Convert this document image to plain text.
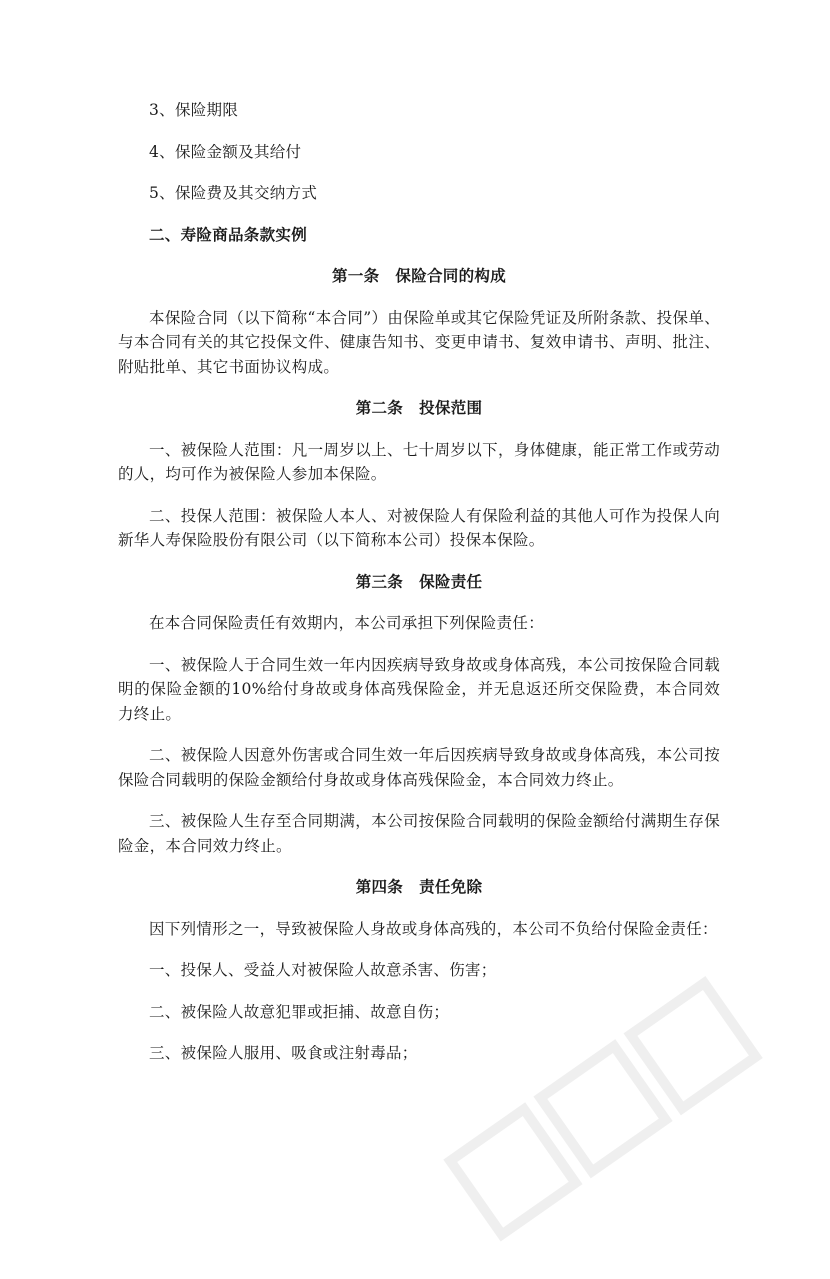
3、保险期限

4、保险金额及其给付

5、保险费及其交纳方式

二、寿险商品条款实例

第一条 保险合同的构成

本保险合同（以下简称“本合同”）由保险单或其它保险凭证及所附条款、投保单、与本合同有关的其它投保文件、健康告知书、变更申请书、复效申请书、声明、批注、附贴批单、其它书面协议构成。

第二条 投保范围

一、被保险人范围：凡一周岁以上、七十周岁以下，身体健康，能正常工作或劳动的人，均可作为被保险人参加本保险。

二、投保人范围：被保险人本人、对被保险人有保险利益的其他人可作为投保人向新华人寿保险股份有限公司（以下简称本公司）投保本保险。

第三条 保险责任

在本合同保险责任有效期内，本公司承担下列保险责任：

一、被保险人于合同生效一年内因疾病导致身故或身体高残，本公司按保险合同载明的保险金额的10%给付身故或身体高残保险金，并无息返还所交保险费，本合同效力终止。

二、被保险人因意外伤害或合同生效一年后因疾病导致身故或身体高残，本公司按保险合同载明的保险金额给付身故或身体高残保险金，本合同效力终止。

三、被保险人生存至合同期满，本公司按保险合同载明的保险金额给付满期生存保险金，本合同效力终止。

第四条 责任免除

因下列情形之一，导致被保险人身故或身体高残的，本公司不负给付保险金责任：

一、投保人、受益人对被保险人故意杀害、伤害；

二、被保险人故意犯罪或拒捕、故意自伤；

三、被保险人服用、吸食或注射毒品；
